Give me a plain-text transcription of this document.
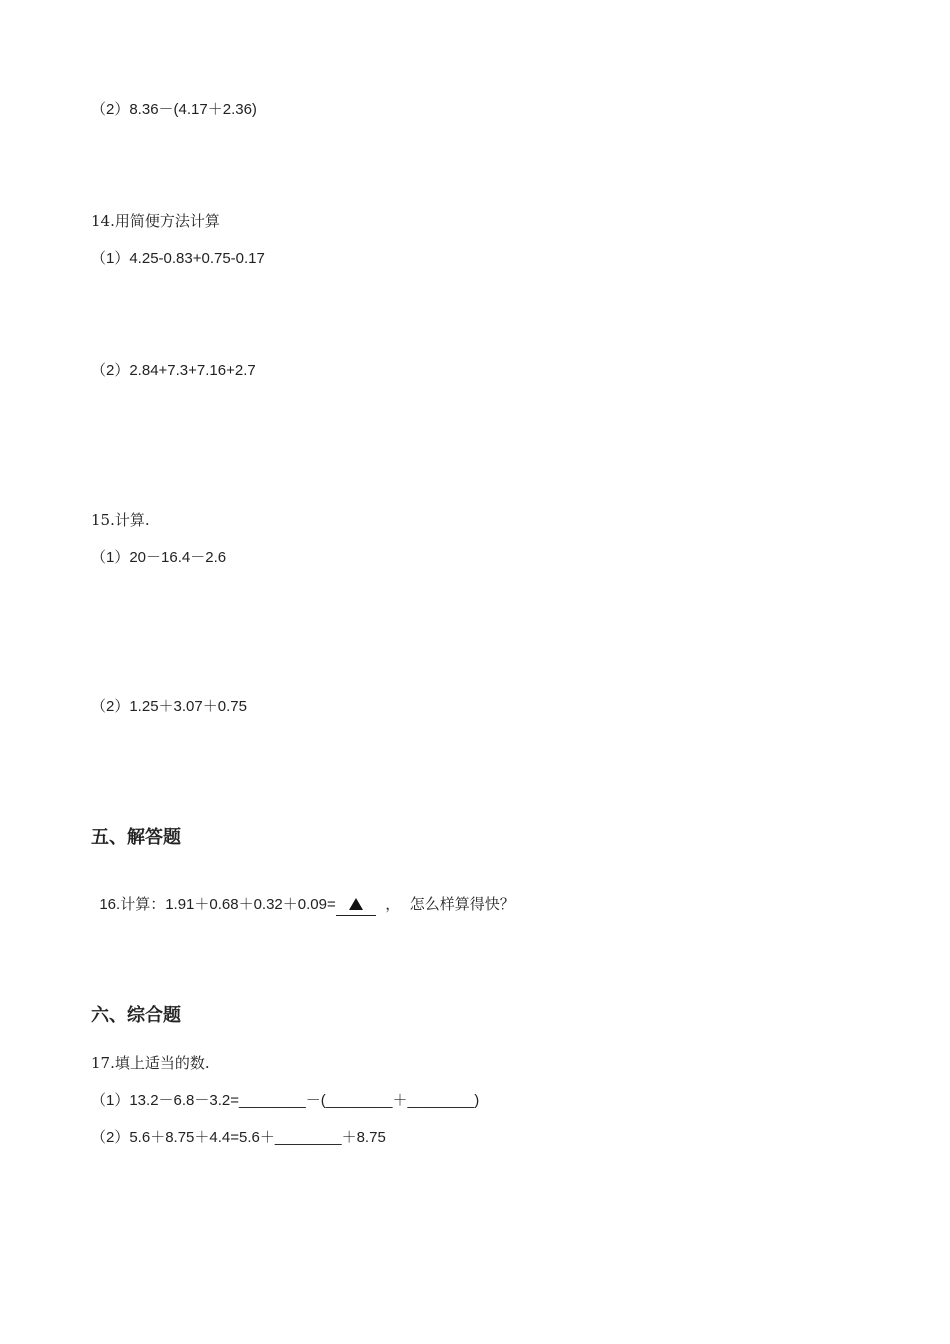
（2）8.36－(4.17＋2.36)
14.用简便方法计算
（1）4.25-0.83+0.75-0.17
（2）2.84+7.3+7.16+2.7
15.计算.
（1）20－16.4－2.6
（2）1.25＋3.07＋0.75
五、解答题

16.计算：1.91＋0.68＋0.32＋0.09=	，  怎么样算得快？

六、综合题
17.填上适当的数.
（1）13.2－6.8－3.2=________－(________＋________)
（2）5.6＋8.75＋4.4=5.6＋________＋8.75
